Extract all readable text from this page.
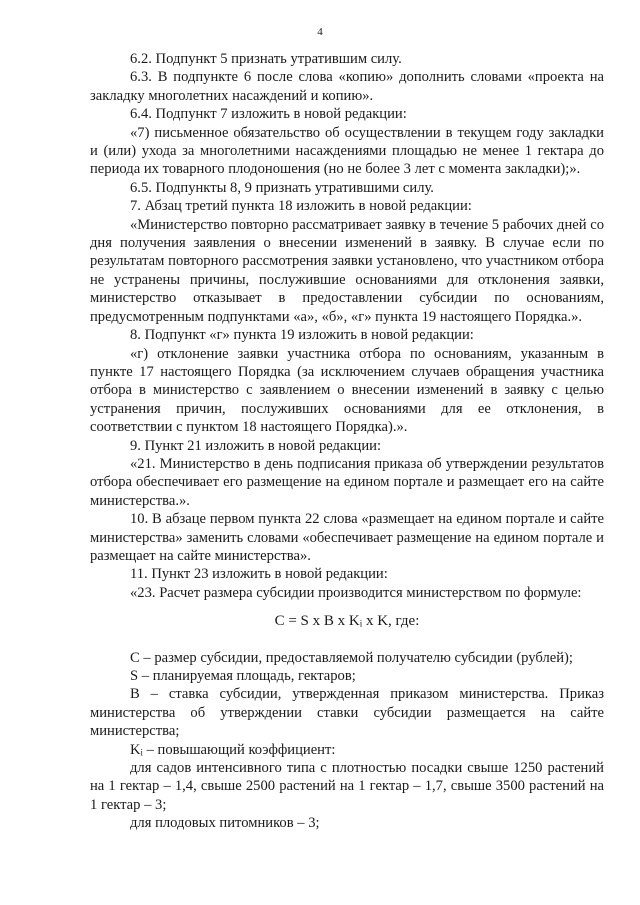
4

6.2. Подпункт 5 признать утратившим силу.

6.3. В подпункте 6 после слова «копию» дополнить словами «проекта на закладку многолетних насаждений и копию».

6.4. Подпункт 7 изложить в новой редакции:

«7) письменное обязательство об осуществлении в текущем году закладки и (или) ухода за многолетними насаждениями площадью не менее 1 гектара до периода их товарного плодоношения (но не более 3 лет с момента закладки);».

6.5. Подпункты 8, 9 признать утратившими силу.

7. Абзац третий пункта 18 изложить в новой редакции:

«Министерство повторно рассматривает заявку в течение 5 рабочих дней со дня получения заявления о внесении изменений в заявку. В случае если по результатам повторного рассмотрения заявки установлено, что участником отбора не устранены причины, послужившие основаниями для отклонения заявки, министерство отказывает в предоставлении субсидии по основаниям, предусмотренным подпунктами «а», «б», «г» пункта 19 настоящего Порядка.».

8. Подпункт «г» пункта 19 изложить в новой редакции:

«г) отклонение заявки участника отбора по основаниям, указанным в пункте 17 настоящего Порядка (за исключением случаев обращения участника отбора в министерство с заявлением о внесении изменений в заявку с целью устранения причин, послуживших основаниями для ее отклонения, в соответствии с пунктом 18 настоящего Порядка).».

9. Пункт 21 изложить в новой редакции:

«21. Министерство в день подписания приказа об утверждении результатов отбора обеспечивает его размещение на едином портале и размещает его на сайте министерства.».

10. В абзаце первом пункта 22 слова «размещает на едином портале и сайте министерства» заменить словами «обеспечивает размещение на едином портале и размещает на сайте министерства».

11. Пункт 23 изложить в новой редакции:

«23. Расчет размера субсидии производится министерством по формуле:

C = S x B x Kᵢ x K, где:

C – размер субсидии, предоставляемой получателю субсидии (рублей);

S – планируемая площадь, гектаров;

B – ставка субсидии, утвержденная приказом министерства. Приказ министерства об утверждении ставки субсидии размещается на сайте министерства;

Kᵢ – повышающий коэффициент:

для садов интенсивного типа с плотностью посадки свыше 1250 растений на 1 гектар – 1,4, свыше 2500 растений на 1 гектар – 1,7, свыше 3500 растений на 1 гектар – 3;

для плодовых питомников – 3;
